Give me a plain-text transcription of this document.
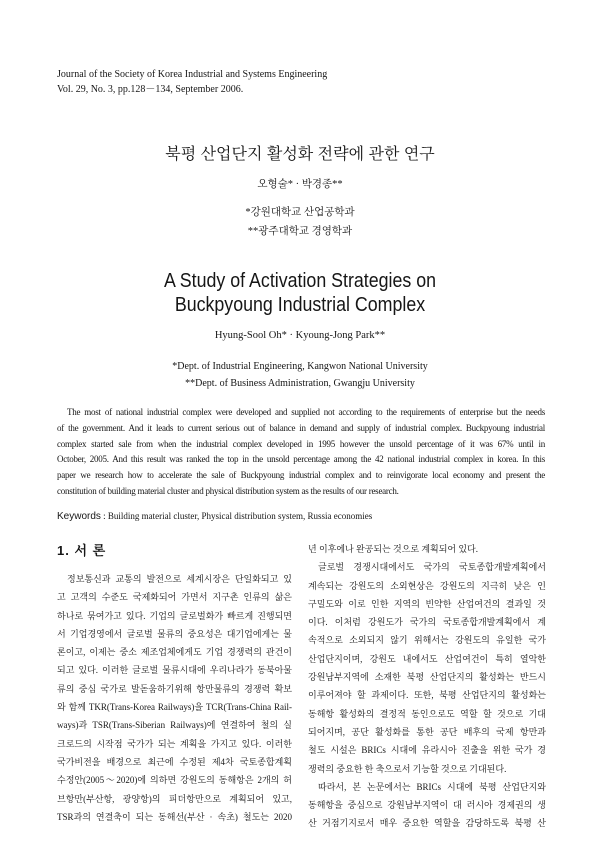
Journal of the Society of Korea Industrial and Systems Engineering
Vol. 29, No. 3, pp.128－134, September 2006.
북평 산업단지 활성화 전략에 관한 연구
오형술* · 박경종**
*강원대학교 산업공학과
**광주대학교 경영학과
A Study of Activation Strategies on
Buckpyoung Industrial Complex
Hyung-Sool Oh* · Kyoung-Jong Park**
*Dept. of Industrial Engineering, Kangwon National University
**Dept. of Business Administration, Gwangju University
The most of national industrial complex were developed and supplied not according to the requirements of enterprise but the needs
of the government. And it leads to current serious out of balance in demand and supply of industrial complex. Buckpyoung industrial
complex started sale from when the industrial complex developed in 1995 however the unsold percentage of it was 67% until in
October, 2005. And this result was ranked the top in the unsold percentage among the 42 national industrial complex in korea. In this
paper we research how to accelerate the sale of Buckpyoung industrial complex and to reinvigorate local economy and present the
constitution of building material cluster and physical distribution system as the results of our research.
Keywords : Building material cluster, Physical distribution system, Russia economies
1. 서 론
정보통신과 교통의 발전으로 세계시장은 단일화되고 있
고 고객의 수준도 국제화되어 가면서 지구촌 인류의 삶은
하나로 묶여가고 있다. 기업의 글로벌화가 빠르게 진행되면
서 기업경영에서 글로벌 물류의 중요성은 대기업에게는 물
론이고, 이제는 중소 제조업체에게도 기업 경쟁력의 관건이
되고 있다. 이러한 글로벌 물류시대에 우리나라가 동북아물
류의 중심 국가로 발돋움하기위해 항만물류의 경쟁력 확보
와 함께 TKR(Trans-Korea Railways)을 TCR(Trans-China Rail-
ways)과 TSR(Trans-Siberian Railways)에 연결하여 철의 실
크로드의 시작점 국가가 되는 계획을 가지고 있다. 이러한
국가비전을 배경으로 최근에 수정된 제4차 국토종합계획
수정안(2005～2020)에 의하면 강원도의 동해항은 2개의 허
브항만(부산항, 광양항)의 피더항만으로 계획되어 있고,
TSR과의 연결축이 되는 동해선(부산 · 속초) 철도는 2020
년 이후에나 완공되는 것으로 계획되어 있다.
글로벌 경쟁시대에서도 국가의 국토종합개발계획에서
계속되는 강원도의 소외현상은 강원도의 지극히 낮은 인
구밀도와 이로 인한 지역의 빈약한 산업여건의 결과일 것
이다. 이처럼 강원도가 국가의 국토종합개발계획에서 계
속적으로 소외되지 않기 위해서는 강원도의 유일한 국가
산업단지이며, 강원도 내에서도 산업여건이 특히 열악한
강원남부지역에 소재한 북평 산업단지의 활성화는 반드시
이루어져야 할 과제이다. 또한, 북평 산업단지의 활성화는
동해항 활성화의 결정적 동인으로도 역할 할 것으로 기대
되어지며, 공단 활성화를 통한 공단 배후의 국제 항만과
철도 시설은 BRICs 시대에 유라시아 진출을 위한 국가 경
쟁력의 중요한 한 축으로서 기능할 것으로 기대된다.
따라서, 본 논문에서는 BRICs 시대에 북평 산업단지와
동해항을 중심으로 강원남부지역이 대 러시아 경제권의 생
산 거점기지로서 매우 중요한 역할을 감당하도록 북평 산
